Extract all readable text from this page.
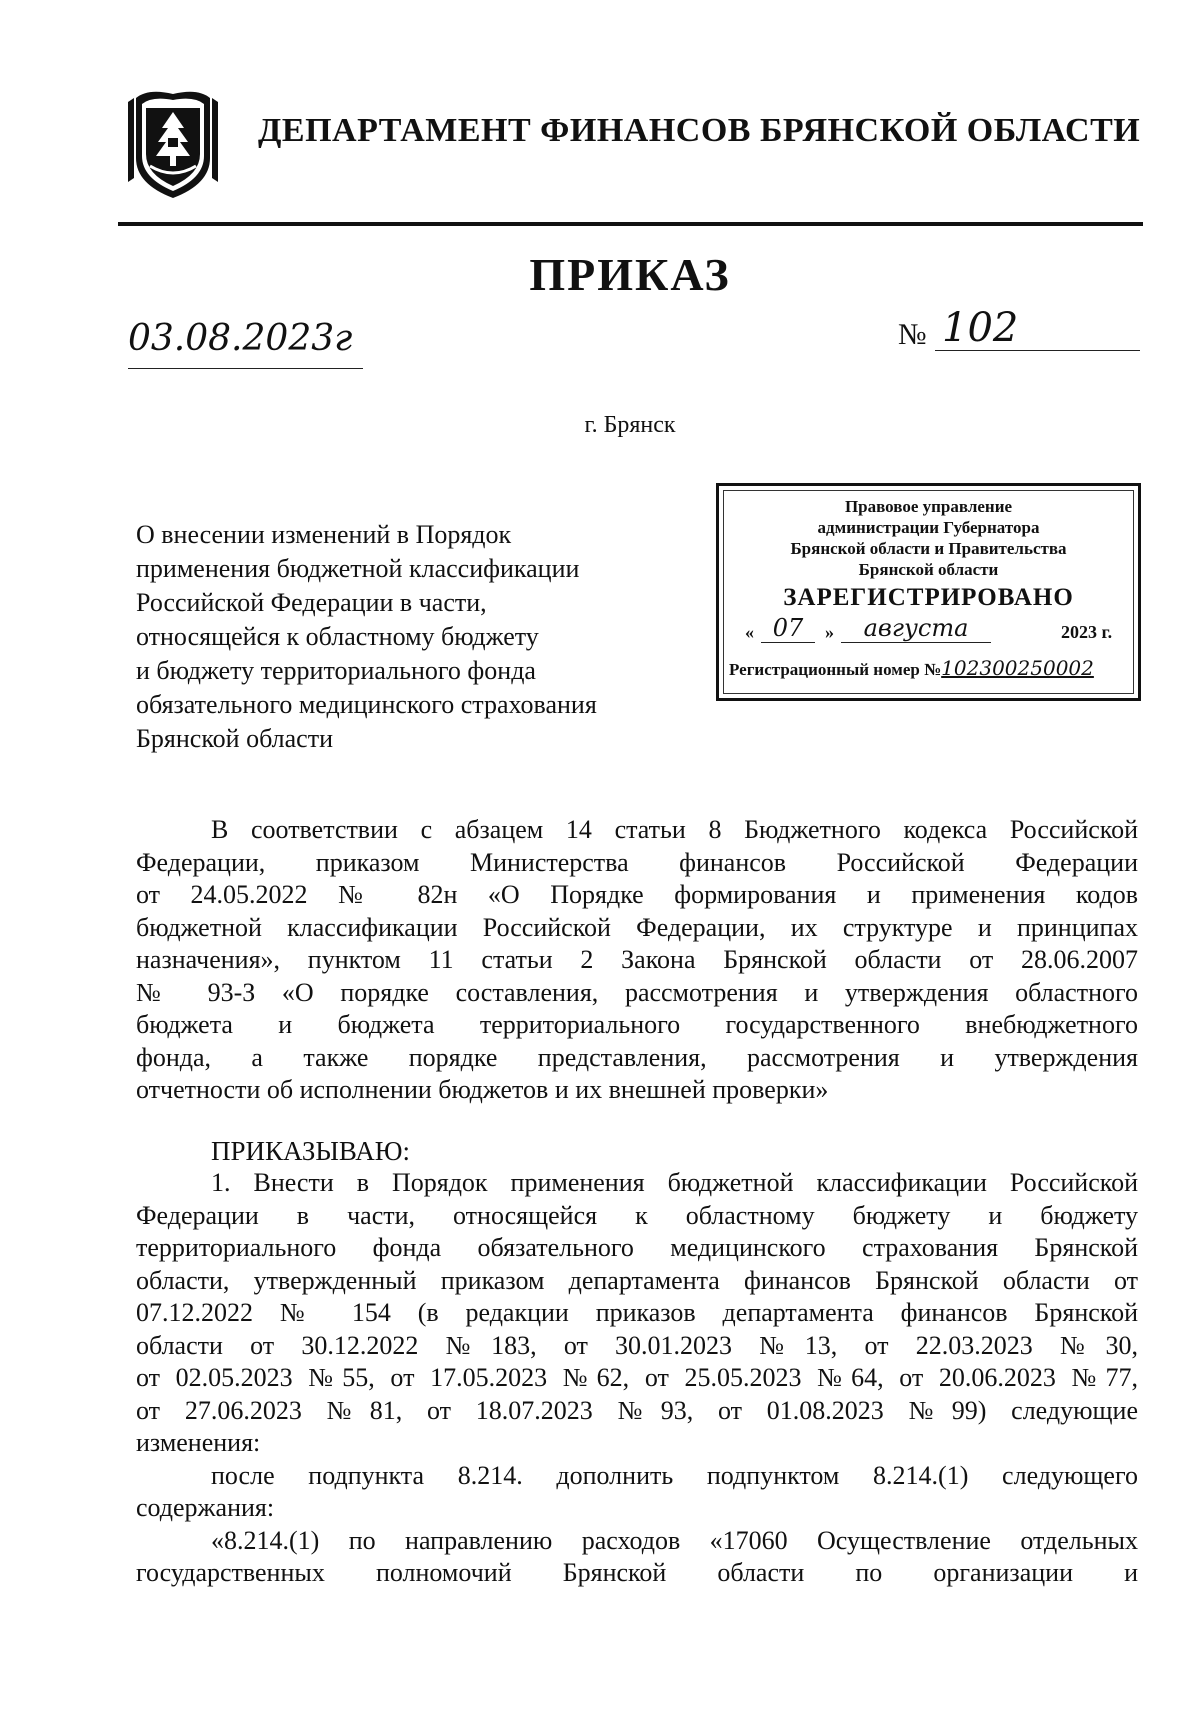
ДЕПАРТАМЕНТ ФИНАНСОВ БРЯНСКОЙ ОБЛАСТИ
ПРИКАЗ
03.08.2023г	№ 102
г. Брянск
О внесении изменений в Порядок
применения бюджетной классификации
Российской Федерации в части,
относящейся к областному бюджету
и бюджету территориального фонда
обязательного медицинского страхования
Брянской области
Правовое управление
администрации Губернатора
Брянской области и Правительства
Брянской области
ЗАРЕГИСТРИРОВАНО
« 07	»	августа	2023 г.
Регистрационный номер №102300250002
В соответствии с абзацем 14 статьи 8 Бюджетного кодекса Российской
Федерации, приказом Министерства финансов Российской Федерации
от 24.05.2022 № 82н «О Порядке формирования и применения кодов
бюджетной классификации Российской Федерации, их структуре и принципах
назначения», пунктом 11 статьи 2 Закона Брянской области от 28.06.2007
№ 93-З «О порядке составления, рассмотрения и утверждения областного
бюджета и бюджета территориального государственного внебюджетного
фонда, а также порядке представления, рассмотрения и утверждения
отчетности об исполнении бюджетов и их внешней проверки»
ПРИКАЗЫВАЮ:
1. Внести в Порядок применения бюджетной классификации Российской
Федерации в части, относящейся к областному бюджету и бюджету
территориального фонда обязательного медицинского страхования Брянской
области, утвержденный приказом департамента финансов Брянской области от
07.12.2022 № 154 (в редакции приказов департамента финансов Брянской
области от 30.12.2022 №183, от 30.01.2023 №13, от 22.03.2023 №30,
от 02.05.2023 №55, от 17.05.2023 №62, от 25.05.2023 №64, от 20.06.2023 №77,
от 27.06.2023 №81, от 18.07.2023 №93, от 01.08.2023 №99) следующие
изменения:
после подпункта 8.214. дополнить подпунктом 8.214.(1) следующего
содержания:
«8.214.(1) по направлению расходов «17060 Осуществление отдельных
государственных полномочий Брянской области по организации и
